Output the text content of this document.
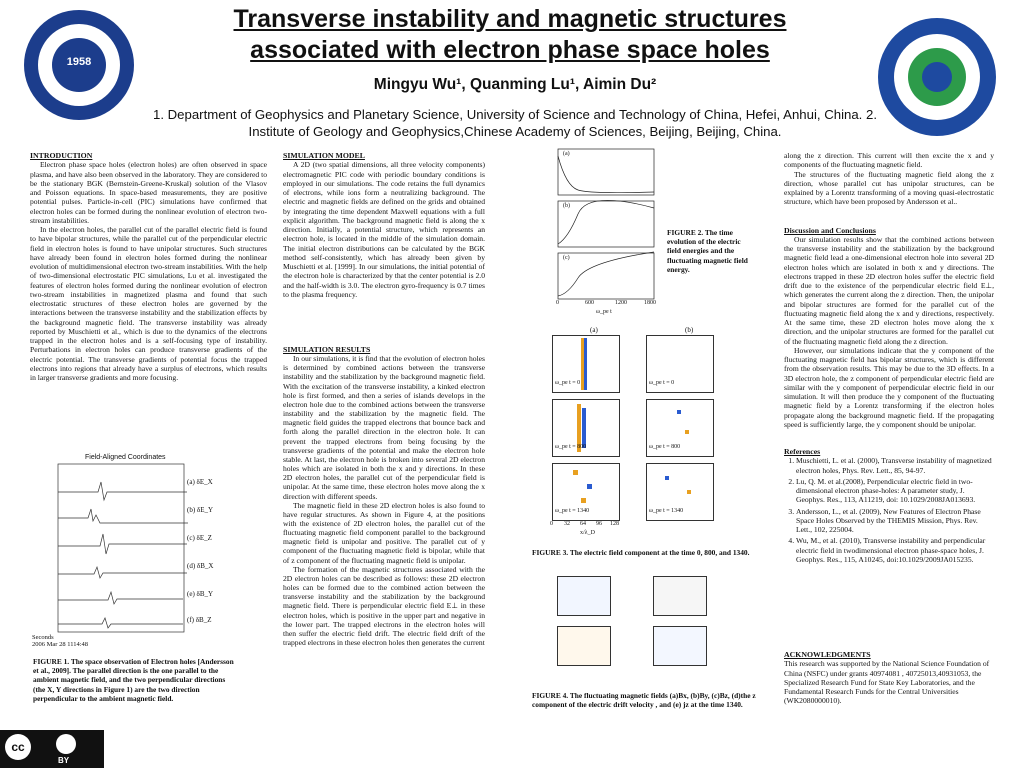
1958
Transverse instability and magnetic structures
associated with electron phase space holes
Mingyu Wu¹, Quanming Lu¹, Aimin Du²
1. Department of Geophysics and Planetary Science, University of Science and Technology of China, Hefei, Anhui, China. 2. Institute of Geology and Geophysics,Chinese Academy of Sciences, Beijing, Beijing, China.
INTRODUCTION

Electron phase space holes (electron holes) are often observed in space plasma, and have also been observed in the laboratory. They are considered to be the stationary BGK (Bernstein-Greene-Kruskal) solution of the Vlasov and Poisson equations. In space-based measurements, they are positive potential pulses. Particle-in-cell (PIC) simulations have confirmed that electron holes can be formed during the nonlinear evolution of electron two-stream instabilities.

In the electron holes, the parallel cut of the parallel electric field is found to have bipolar structures, while the parallel cut of the perpendicular electric field in electron holes is found to have unipolar structures. Such structures have already been found in electron holes formed during the nonlinear evolution of multidimensional electron two-stream instabilities. With the help of two-dimensional electrostatic PIC simulations, Lu et al. investigated the features of electron holes formed during the nonlinear evolution of electron two-stream instabilities in magnetized plasma and found that such electrostatic structures of these electron holes are governed by the interactions between the transverse instability and the stabilization effects by the background magnetic field. The transverse instability was already reported by Muschietti et al., which is due to the dynamics of the electrons trapped in the electron holes and is a self-focusing type of instability. Perturbations in electron holes can produce transverse gradients of the electric potential. The transverse gradients of potential focus the trapped electrons into regions that already have a surplus of electrons, which results in larger transverse gradients and more focusing.

Field-Aligned Coordinates
(a) δE_X
(b) δE_Y
(c) δE_Z
(d) δB_X
(e) δB_Y
(f) δB_Z
Seconds
2006 Mar 28 1114:48
FIGURE 1. The space observation of Electron holes [Andersson et al., 2009]. The parallel direction is the one parallel to the ambient magnetic field, and the two perpendicular directions (the X, Y directions in Figure 1) are the two direction perpendicular to the ambient magnetic field.
SIMULATION MODEL

A 2D (two spatial dimensions, all three velocity components) electromagnetic PIC code with periodic boundary conditions is employed in our simulations. The code retains the full dynamics of electrons, while ions form a neutralizing background. The electric and magnetic fields are defined on the grids and obtained by integrating the time dependent Maxwell equations with a full explicit algorithm. The background magnetic field is along the x direction. Initially, a potential structure, which represents an electron hole, is located in the middle of the simulation domain. The initial electron distributions can be calculated by the BGK method self-consistently, which has already been given by Muschietti et al. [1999]. In our simulations, the initial potential of the electron hole is characterized by that the center potential is 2.0 and the half-width is 3.0. The electron gyro-frequency is 0.7 times to the plasma frequency.

SIMULATION RESULTS

In our simulations, it is find that the evolution of electron holes is determined by combined actions between the transverse instability and the stabilization by the background magnetic field. With the excitation of the transverse instability, a kinked electron hole is first formed, and then a series of islands develops in the electron hole due to the combined actions between the transverse instability and the stabilization by the magnetic field. The magnetic field guides the trapped electrons that bounce back and forth along the parallel direction in the electron hole. It can prevent the trapped electrons from being focusing by the transverse gradients of the potential and make the electron hole stable. At last, the electron hole is broken into several 2D electron holes which are isolated in both the x and y directions. In these 2D electron holes, the parallel cut of the perpendicular field is unipolar. At the same time, these electron holes move along the x direction with different speeds.

The magnetic field in these 2D electron holes is also found to have regular structures. As shown in Figure 4, at the positions with the existence of 2D electron holes, the parallel cut of the fluctuating magnetic field component parallel to the background magnetic field is unipolar and positive. The parallel cut of y component of the fluctuating magnetic field is bipolar, while that of z component of the fluctuating magnetic field is unipolar.

The formation of the magnetic structures associated with the 2D electron holes can be described as follows: these 2D electron holes can be formed due to the combined action between the transverse instability and the stabilization by the background magnetic field. There is perpendicular electric field E⊥ in these electron holes, which is positive in the upper part and negative in the lower part. The trapped electrons in the electron holes will then suffer the electric field drift. The electric field drift of the trapped electrons in these electron holes then generates the current

(a)
(b)
(c)
0	600	1200	1800
ω_pe t
FIGURE 2. The time evolution of the electric field energies and the fluctuating magnetic field energy.
(a)	(b)
ω_pe t = 0
ω_pe t = 800
ω_pe t = 1340
ω_pe t = 0
ω_pe t = 800
ω_pe t = 1340
0 32 64 96 128
x/λ_D
FIGURE 3. The electric field component at the time 0, 800, and 1340.
FIGURE 4. The fluctuating magnetic fields (a)Bx, (b)By, (c)Bz, (d)the z component of the electric drift velocity , and (e) jz at the time 1340.

along the z direction. This current will then excite the x and y components of the fluctuating magnetic field.

The structures of the fluctuating magnetic field along the z direction, whose parallel cut has unipolar structures, can be explained by a Lorentz transforming of a moving quasi-electrostatic structure, which have been proposed by Andersson et al..

Discussion and Conclusions

Our simulation results show that the combined actions between the transverse instability and the stabilization by the background magnetic field lead a one-dimensional electron hole into several 2D electron holes which are isolated in both x and y directions. The electrons trapped in these 2D electron holes suffer the electric field drift due to the existence of the perpendicular electric field E⊥, which generates the current along the z direction. Then, the unipolar and bipolar structures are formed for the parallel cut of the fluctuating magnetic field along the x and y directions, respectively. At the same time, these 2D electron holes move along the x direction, and the unipolar structures are formed for the parallel cut of the fluctuating magnetic field along the z direction.

However, our simulations indicate that the y component of the fluctuating magnetic field has bipolar structures, which is different from the observation results. This may be due to the 3D effects. In a 3D electron hole, the z component of perpendicular electric field are similar with the y component of perpendicular electric field in our simulation. It will then produce the y component of the fluctuating magnetic field by a Lorentz transforming if the electron holes propagate along the background magnetic field. If the propagating speed is sufficiently large, the y component should be unipolar.

References
1. Muschietti, L. et al. (2000), Transverse instability of magnetized electron holes, Phys. Rev. Lett., 85, 94-97.
2. Lu, Q. M. et al.(2008), Perpendicular electric field in two-dimensional electron phase-holes: A parameter study, J. Geophys. Res., 113, A11219, doi: 10.1029/2008JA013693.
3. Andersson, L., et al. (2009), New Features of Electron Phase Space Holes Observed by the THEMIS Mission, Phys. Rev. Lett., 102, 225004.
4. Wu, M., et al. (2010), Transverse instability and perpendicular electric field in twodimensional electron phase-space holes, J. Geophys. Res., 115, A10245, doi:10.1029/2009JA015235.
ACKNOWLEDGMENTS

This research was supported by the National Science Foundation of China (NSFC) under grants 40974081 , 40725013,40931053, the Specialized Research Fund for State Key Laboratories, and the Fundamental Research Funds for the Central Universities (WK2080000010).

cc
BY
